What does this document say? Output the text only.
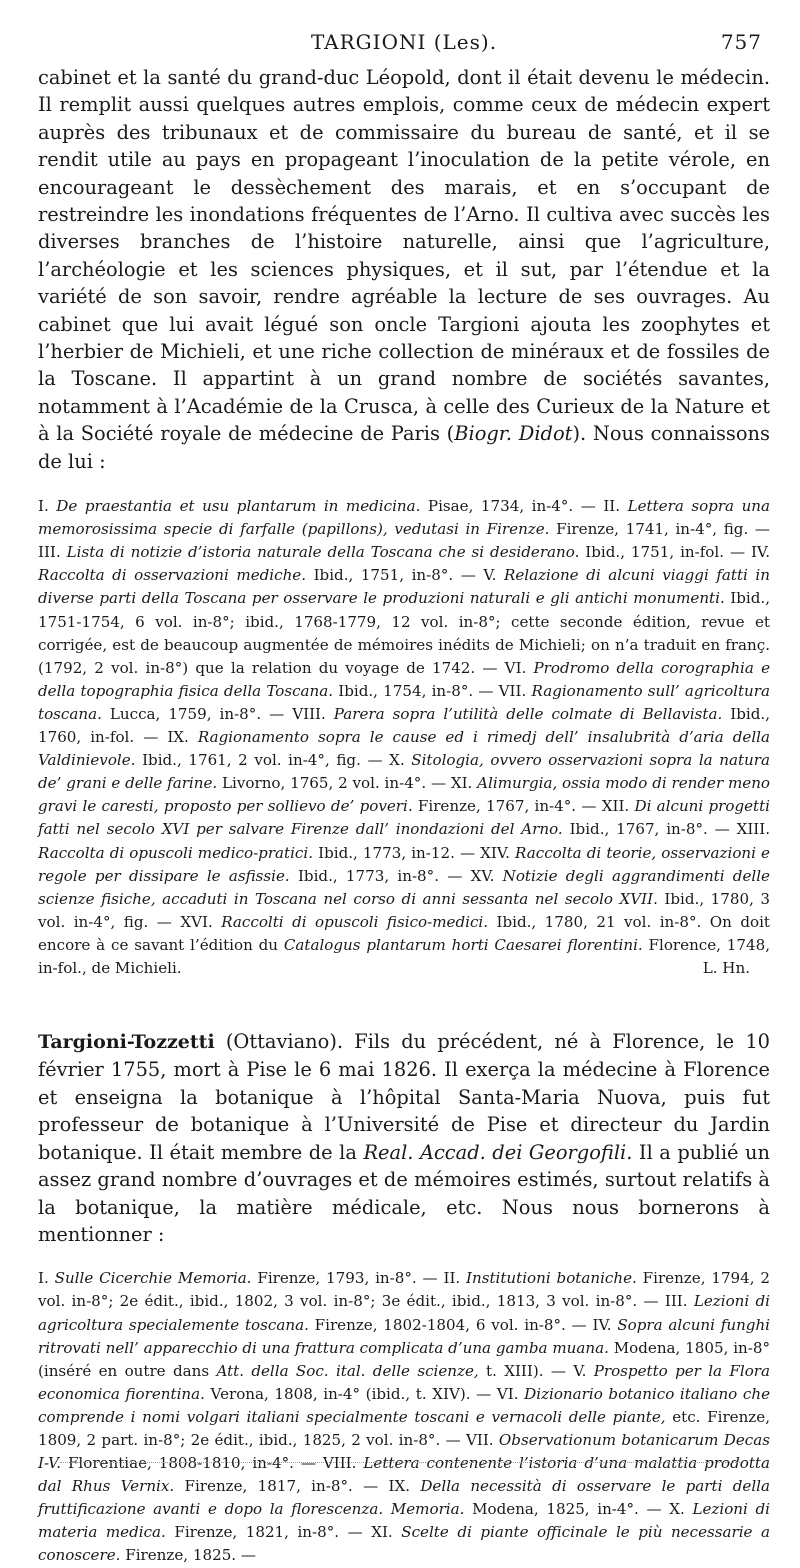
TARGIONI (Les).	757

cabinet et la santé du grand-duc Léopold, dont il était devenu le médecin. Il remplit aussi quelques autres emplois, comme ceux de médecin expert auprès des tribunaux et de commissaire du bureau de santé, et il se rendit utile au pays en propageant l’inoculation de la petite vérole, en encourageant le dessèchement des marais, et en s’occupant de restreindre les inondations fréquentes de l’Arno. Il cultiva avec succès les diverses branches de l’histoire naturelle, ainsi que l’agriculture, l’archéologie et les sciences physiques, et il sut, par l’étendue et la variété de son savoir, rendre agréable la lecture de ses ouvrages. Au cabinet que lui avait légué son oncle Targioni ajouta les zoophytes et l’herbier de Michieli, et une riche collection de minéraux et de fossiles de la Toscane. Il appartint à un grand nombre de sociétés savantes, notamment à l’Académie de la Crusca, à celle des Curieux de la Nature et à la Société royale de médecine de Paris (Biogr. Didot). Nous connaissons de lui :

I. De praestantia et usu plantarum in medicina. Pisae, 1734, in-4°. — II. Lettera sopra una memorosissima specie di farfalle (papillons), vedutasi in Firenze. Firenze, 1741, in-4°, fig. — III. Lista di notizie d’istoria naturale della Toscana che si desiderano. Ibid., 1751, in-fol. — IV. Raccolta di osservazioni mediche. Ibid., 1751, in-8°. — V. Relazione di alcuni viaggi fatti in diverse parti della Toscana per osservare le produzioni naturali e gli antichi monumenti. Ibid., 1751-1754, 6 vol. in-8°; ibid., 1768-1779, 12 vol. in-8°; cette seconde édition, revue et corrigée, est de beaucoup augmentée de mémoires inédits de Michieli; on n’a traduit en franç. (1792, 2 vol. in-8°) que la relation du voyage de 1742. — VI. Prodromo della corographia e della topographia fisica della Toscana. Ibid., 1754, in-8°. — VII. Ragionamento sull’ agricoltura toscana. Lucca, 1759, in-8°. — VIII. Parera sopra l’utilità delle colmate di Bellavista. Ibid., 1760, in-fol. — IX. Ragionamento sopra le cause ed i rimedj dell’ insalubrità d’aria della Valdinievole. Ibid., 1761, 2 vol. in-4°, fig. — X. Sitologia, ovvero osservazioni sopra la natura de’ grani e delle farine. Livorno, 1765, 2 vol. in-4°. — XI. Alimurgia, ossia modo di render meno gravi le caresti, proposto per sollievo de’ poveri. Firenze, 1767, in-4°. — XII. Di alcuni progetti fatti nel secolo XVI per salvare Firenze dall’ inondazioni del Arno. Ibid., 1767, in-8°. — XIII. Raccolta di opuscoli medico-pratici. Ibid., 1773, in-12. — XIV. Raccolta di teorie, osservazioni e regole per dissipare le asfissie. Ibid., 1773, in-8°. — XV. Notizie degli aggrandimenti delle scienze fisiche, accaduti in Toscana nel corso di anni sessanta nel secolo XVII. Ibid., 1780, 3 vol. in-4°, fig. — XVI. Raccolti di opuscoli fisico-medici. Ibid., 1780, 21 vol. in-8°. On doit encore à ce savant l’édition du Catalogus plantarum horti Caesarei florentini. Florence, 1748, in-fol., de Michieli.	L. Hn.

Targioni-Tozzetti (Ottaviano). Fils du précédent, né à Florence, le 10 février 1755, mort à Pise le 6 mai 1826. Il exerça la médecine à Florence et enseigna la botanique à l’hôpital Santa-Maria Nuova, puis fut professeur de botanique à l’Université de Pise et directeur du Jardin botanique. Il était membre de la Real. Accad. dei Georgofili. Il a publié un assez grand nombre d’ouvrages et de mémoires estimés, surtout relatifs à la botanique, la matière médicale, etc. Nous nous bornerons à mentionner :

I. Sulle Cicerchie Memoria. Firenze, 1793, in-8°. — II. Institutioni botaniche. Firenze, 1794, 2 vol. in-8°; 2e édit., ibid., 1802, 3 vol. in-8°; 3e édit., ibid., 1813, 3 vol. in-8°. — III. Lezioni di agricoltura specialemente toscana. Firenze, 1802-1804, 6 vol. in-8°. — IV. Sopra alcuni funghi ritrovati nell’ apparecchio di una frattura complicata d’una gamba muana. Modena, 1805, in-8° (inséré en outre dans Att. della Soc. ital. delle scienze, t. XIII). — V. Prospetto per la Flora economica fiorentina. Verona, 1808, in-4° (ibid., t. XIV). — VI. Dizionario botanico italiano che comprende i nomi volgari italiani specialmente toscani e vernacoli delle piante, etc. Firenze, 1809, 2 part. in-8°; 2e édit., ibid., 1825, 2 vol. in-8°. — VII. Observationum botanicarum Decas I-V. Florentiae, 1808-1810, in-4°. — VIII. Lettera contenente l’istoria d’una malattia prodotta dal Rhus Vernix. Firenze, 1817, in-8°. — IX. Della necessità di osservare le parti della fruttificazione avanti e dopo la florescenza. Memoria. Modena, 1825, in-4°. — X. Lezioni di materia medica. Firenze, 1821, in-8°. — XI. Scelte di piante officinale le più necessarie a conoscere. Firenze, 1825. —
